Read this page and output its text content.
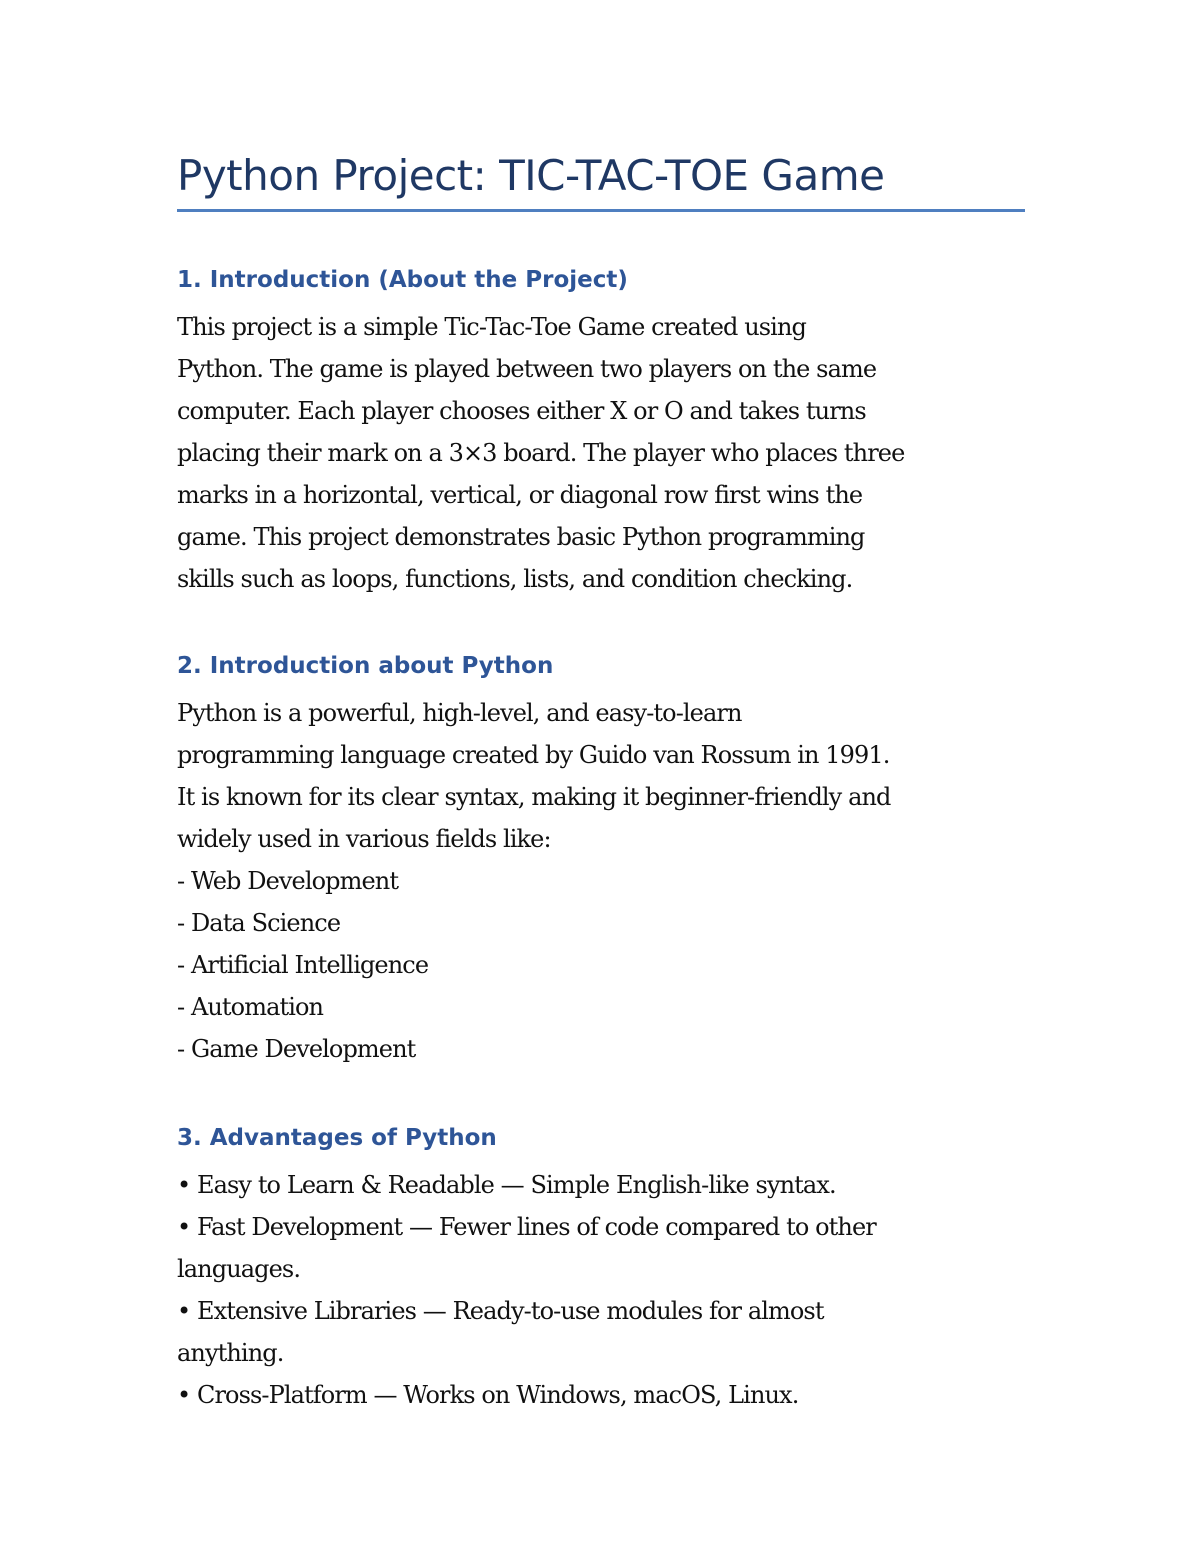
Python Project: TIC-TAC-TOE Game
1. Introduction (About the Project)
This project is a simple Tic-Tac-Toe Game created using
Python. The game is played between two players on the same
computer. Each player chooses either X or O and takes turns
placing their mark on a 3×3 board. The player who places three
marks in a horizontal, vertical, or diagonal row first wins the
game. This project demonstrates basic Python programming
skills such as loops, functions, lists, and condition checking.
2. Introduction about Python
Python is a powerful, high-level, and easy-to-learn
programming language created by Guido van Rossum in 1991.
It is known for its clear syntax, making it beginner-friendly and
widely used in various fields like:
- Web Development
- Data Science
- Artificial Intelligence
- Automation
- Game Development
3. Advantages of Python
• Easy to Learn & Readable — Simple English-like syntax.
• Fast Development — Fewer lines of code compared to other
languages.
• Extensive Libraries — Ready-to-use modules for almost
anything.
• Cross-Platform — Works on Windows, macOS, Linux.
